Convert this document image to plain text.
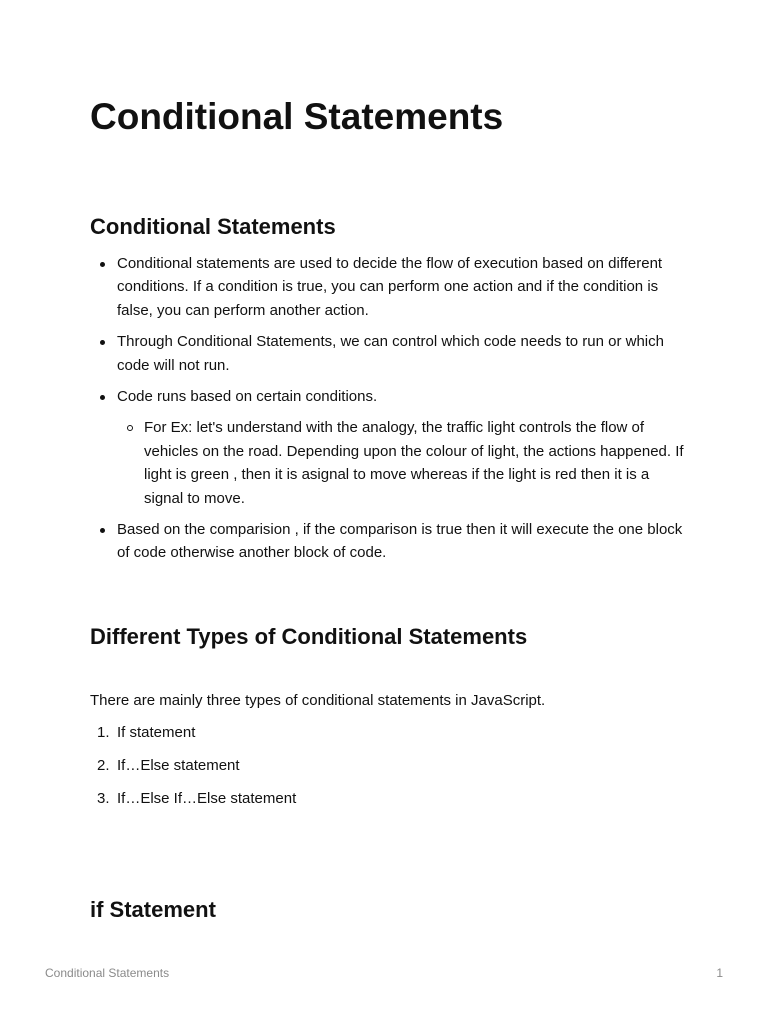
Conditional Statements
Conditional Statements
Conditional statements are used to decide the flow of execution based on different conditions. If a condition is true, you can perform one action and if the condition is false, you can perform another action.
Through Conditional Statements, we can control which code needs to run or which code will not run.
Code runs based on certain conditions.
For Ex: let's understand with the analogy, the traffic light controls the flow of vehicles on the road. Depending upon the colour of light, the actions happened. If light is green , then it is asignal to move whereas if the light is red then it is a signal to move.
Based on the comparision , if the comparison is true then it will execute the one block of code otherwise another block of code.
Different Types of Conditional Statements

There are mainly three types of conditional statements in JavaScript.

1. If statement
2. If…Else statement
3. If…Else If…Else statement
if Statement
Conditional Statements	1
